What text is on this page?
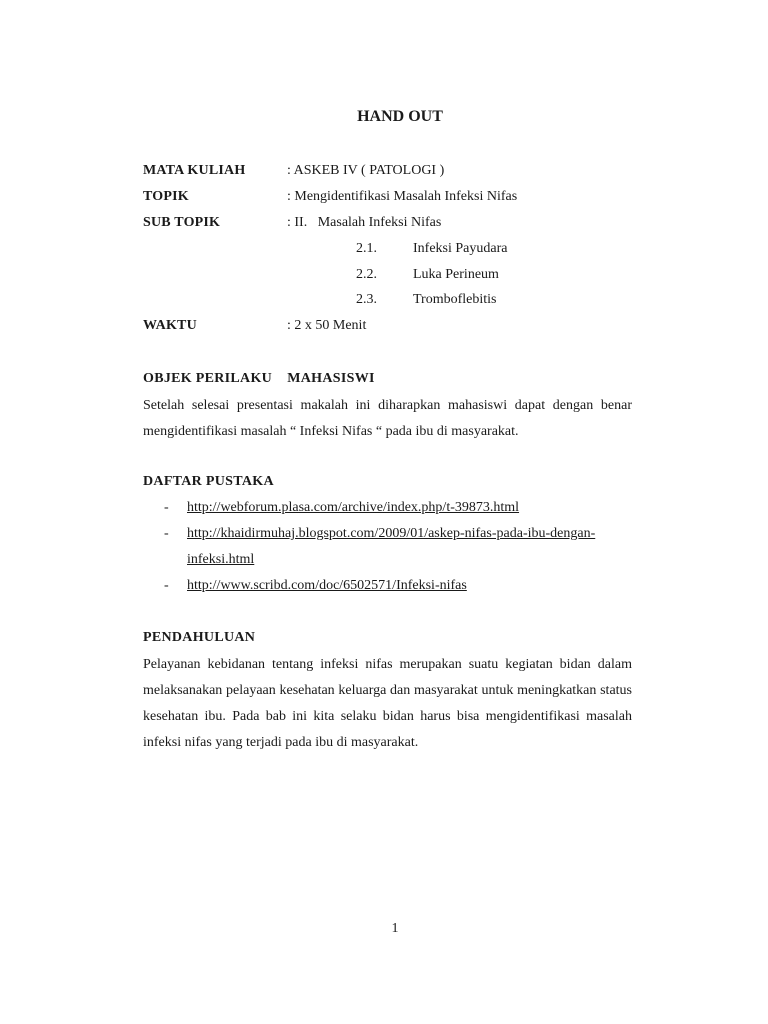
HAND OUT
MATA KULIAH	: ASKEB IV ( PATOLOGI )
TOPIK	: Mengidentifikasi Masalah Infeksi Nifas
SUB TOPIK	: II.   Masalah Infeksi Nifas
2.1.	Infeksi Payudara
2.2.	Luka Perineum
2.3.	Tromboflebitis
WAKTU	: 2 x 50 Menit
OBJEK PERILAKU    MAHASISWI
Setelah selesai presentasi makalah ini diharapkan mahasiswi dapat dengan benar mengidentifikasi masalah “ Infeksi Nifas “ pada ibu di masyarakat.
DAFTAR PUSTAKA
- http://webforum.plasa.com/archive/index.php/t-39873.html
- http://khaidirmuhaj.blogspot.com/2009/01/askep-nifas-pada-ibu-dengan-
infeksi.html
- http://www.scribd.com/doc/6502571/Infeksi-nifas
PENDAHULUAN
Pelayanan kebidanan tentang infeksi nifas merupakan suatu kegiatan bidan dalam melaksanakan pelayaan kesehatan keluarga dan masyarakat untuk meningkatkan status kesehatan ibu. Pada bab ini kita selaku bidan harus bisa mengidentifikasi masalah infeksi nifas yang terjadi pada ibu di masyarakat.
1
